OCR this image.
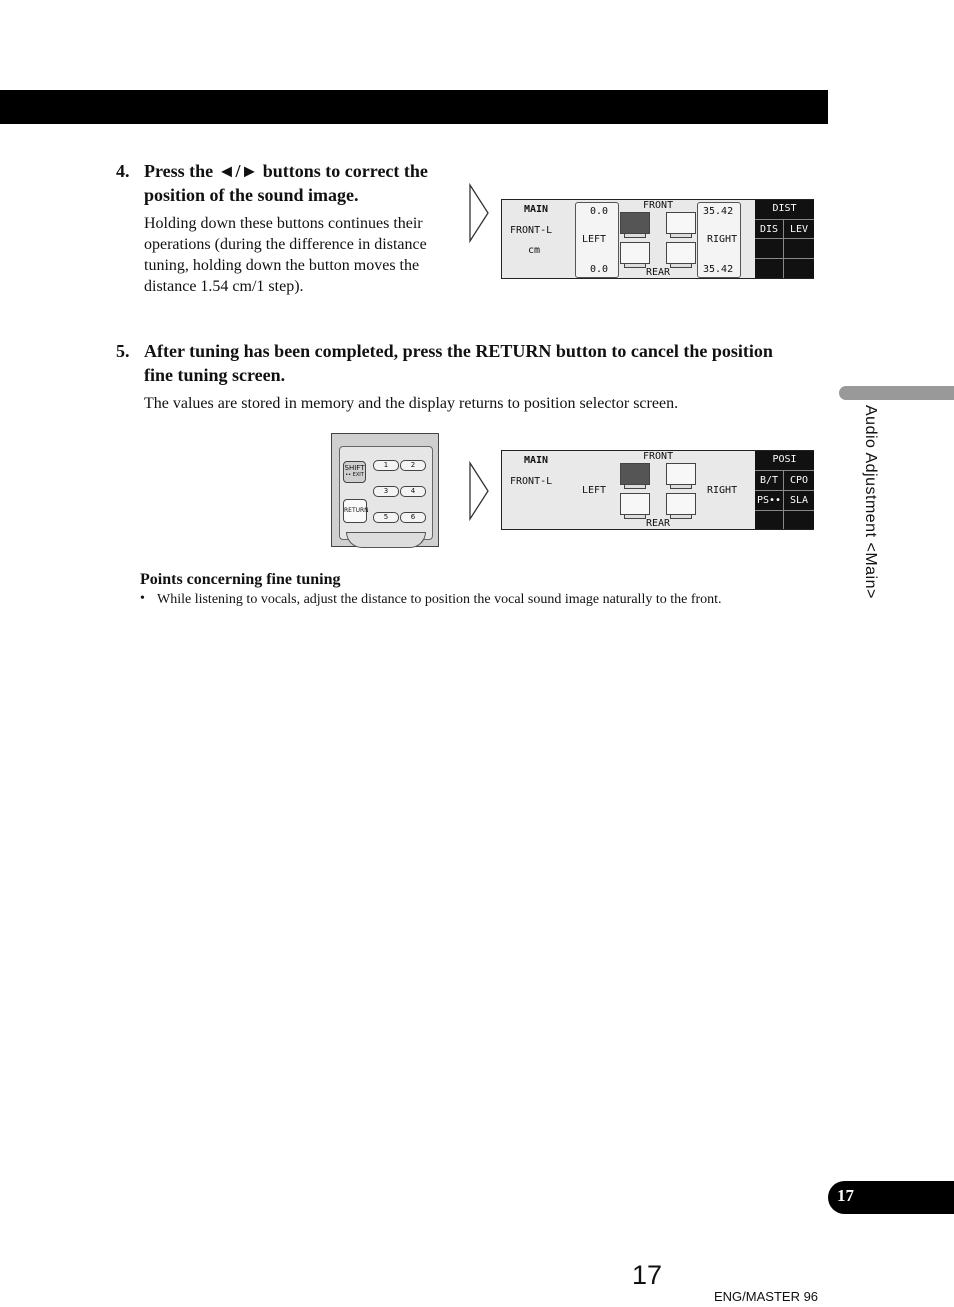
4. Press the ◄/► buttons to correct the position of the sound image.
Holding down these buttons continues their operations (during the difference in distance tuning, holding down the button moves the distance 1.54 cm/1 step).
MAIN
FRONT-L
cm
0.0
LEFT
0.0
FRONT
REAR
35.42
RIGHT
35.42
DIST
DIS	LEV
5. After tuning has been completed, press the RETURN button to cancel the position fine tuning screen.
The values are stored in memory and the display returns to position selector screen.
SHIFT
•• EXIT
RETURN
1	2
3	4
5	6
MAIN
FRONT-L
LEFT
FRONT
REAR
RIGHT
POSI
B/T	CPO
PS•• SLA
Points concerning fine tuning
• While listening to vocals, adjust the distance to position the vocal sound image naturally to the front.
Audio Adjustment <Main>
17
17
ENG/MASTER 96
